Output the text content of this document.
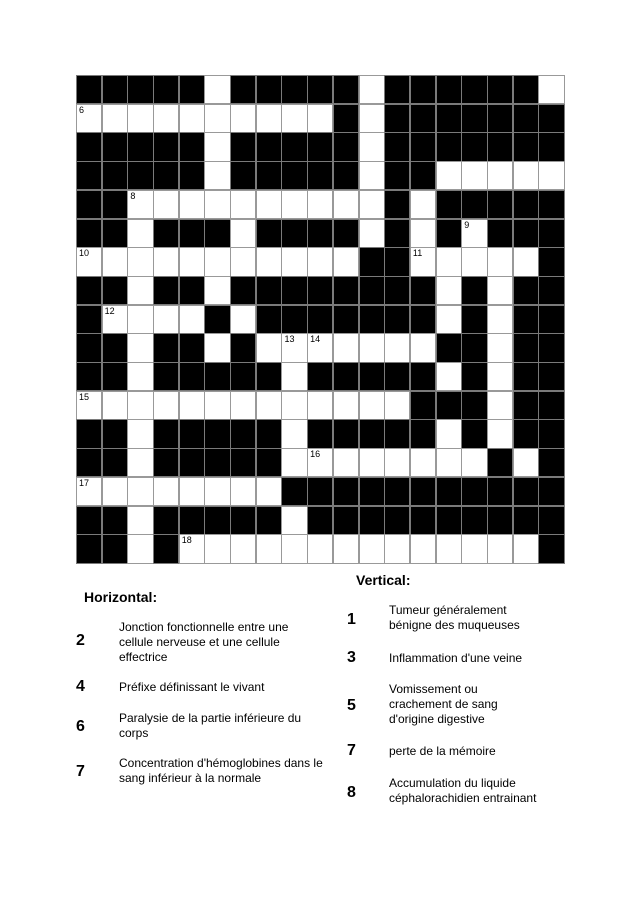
6
8
9
10	11
12
13 14
15
16
17
18
Horizontal:
Vertical:
2
Jonction fonctionnelle entre une cellule nerveuse et une cellule effectrice
4	Préfixe définissant le vivant
6	Paralysie de la partie inférieure du corps
7	Concentration d'hémoglobines dans le sang inférieur à la normale
1
Tumeur généralement bénigne des muqueuses
3	Inflammation d'une veine
5
Vomissement ou crachement de sang d'origine digestive
7	perte de la mémoire
8
Accumulation du liquide céphalorachidien entrainant
